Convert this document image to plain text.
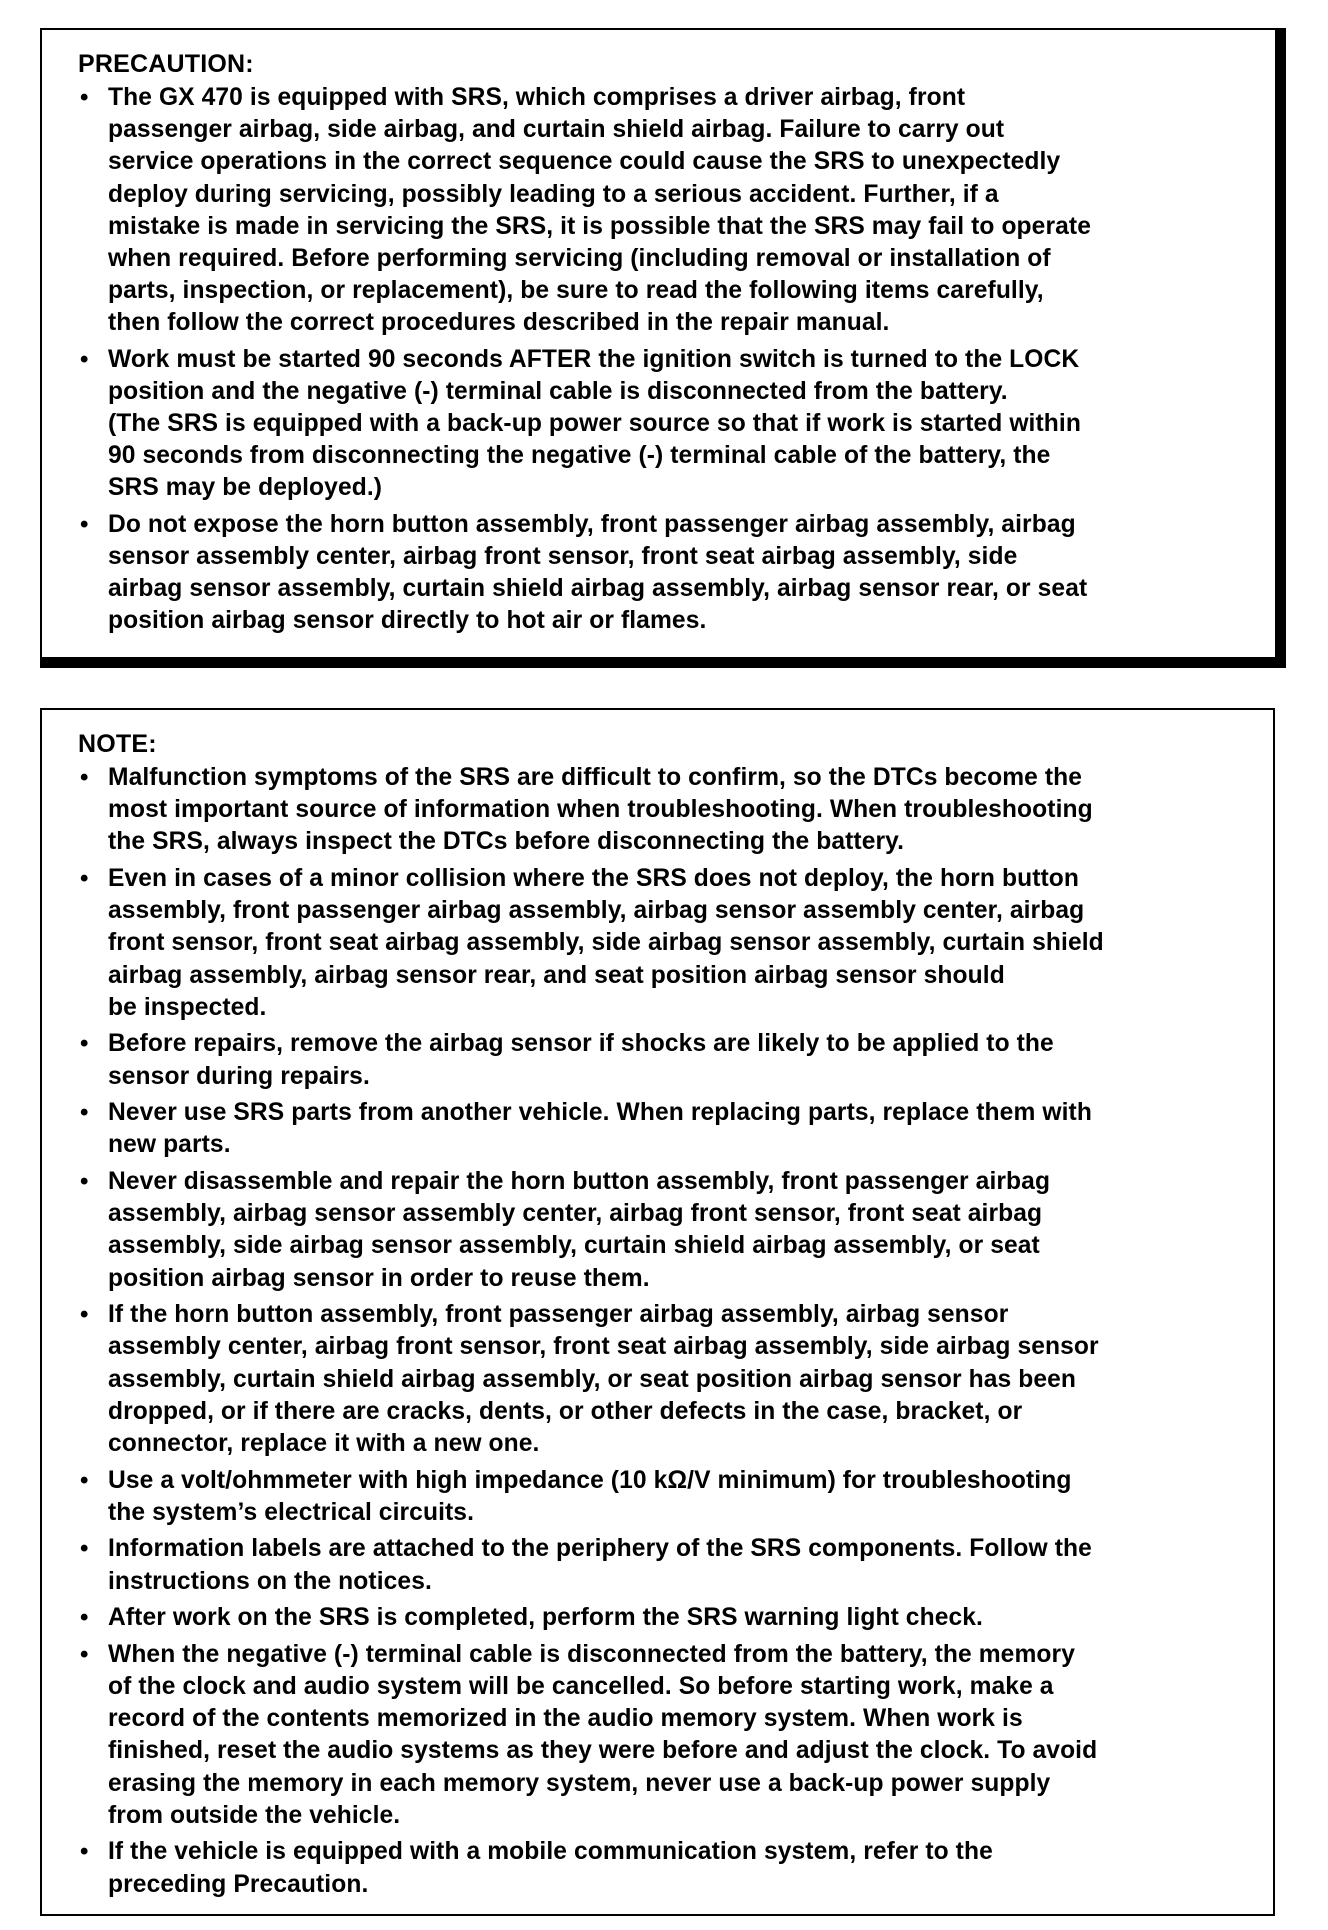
PRECAUTION:

• The GX 470 is equipped with SRS, which comprises a driver airbag, front
passenger airbag, side airbag, and curtain shield airbag. Failure to carry out
service operations in the correct sequence could cause the SRS to unexpectedly
deploy during servicing, possibly leading to a serious accident. Further, if a
mistake is made in servicing the SRS, it is possible that the SRS may fail to operate
when required. Before performing servicing (including removal or installation of
parts, inspection, or replacement), be sure to read the following items carefully,
then follow the correct procedures described in the repair manual.
• Work must be started 90 seconds AFTER the ignition switch is turned to the LOCK
position and the negative (-) terminal cable is disconnected from the battery.
(The SRS is equipped with a back-up power source so that if work is started within
90 seconds from disconnecting the negative (-) terminal cable of the battery, the
SRS may be deployed.)
• Do not expose the horn button assembly, front passenger airbag assembly, airbag
sensor assembly center, airbag front sensor, front seat airbag assembly, side
airbag sensor assembly, curtain shield airbag assembly, airbag sensor rear, or seat
position airbag sensor directly to hot air or flames.

NOTE:

• Malfunction symptoms of the SRS are difficult to confirm, so the DTCs become the
most important source of information when troubleshooting. When troubleshooting
the SRS, always inspect the DTCs before disconnecting the battery.
• Even in cases of a minor collision where the SRS does not deploy, the horn button
assembly, front passenger airbag assembly, airbag sensor assembly center, airbag
front sensor, front seat airbag assembly, side airbag sensor assembly, curtain shield
airbag assembly, airbag sensor rear, and seat position airbag sensor should
be inspected.
• Before repairs, remove the airbag sensor if shocks are likely to be applied to the
sensor during repairs.
• Never use SRS parts from another vehicle. When replacing parts, replace them with
new parts.
• Never disassemble and repair the horn button assembly, front passenger airbag
assembly, airbag sensor assembly center, airbag front sensor, front seat airbag
assembly, side airbag sensor assembly, curtain shield airbag assembly, or seat
position airbag sensor in order to reuse them.
• If the horn button assembly, front passenger airbag assembly, airbag sensor
assembly center, airbag front sensor, front seat airbag assembly, side airbag sensor
assembly, curtain shield airbag assembly, or seat position airbag sensor has been
dropped, or if there are cracks, dents, or other defects in the case, bracket, or
connector, replace it with a new one.
• Use a volt/ohmmeter with high impedance (10 kΩ/V minimum) for troubleshooting
the system’s electrical circuits.
• Information labels are attached to the periphery of the SRS components. Follow the
instructions on the notices.
• After work on the SRS is completed, perform the SRS warning light check.
• When the negative (-) terminal cable is disconnected from the battery, the memory
of the clock and audio system will be cancelled. So before starting work, make a
record of the contents memorized in the audio memory system. When work is
finished, reset the audio systems as they were before and adjust the clock. To avoid
erasing the memory in each memory system, never use a back-up power supply
from outside the vehicle.
• If the vehicle is equipped with a mobile communication system, refer to the
preceding Precaution.
